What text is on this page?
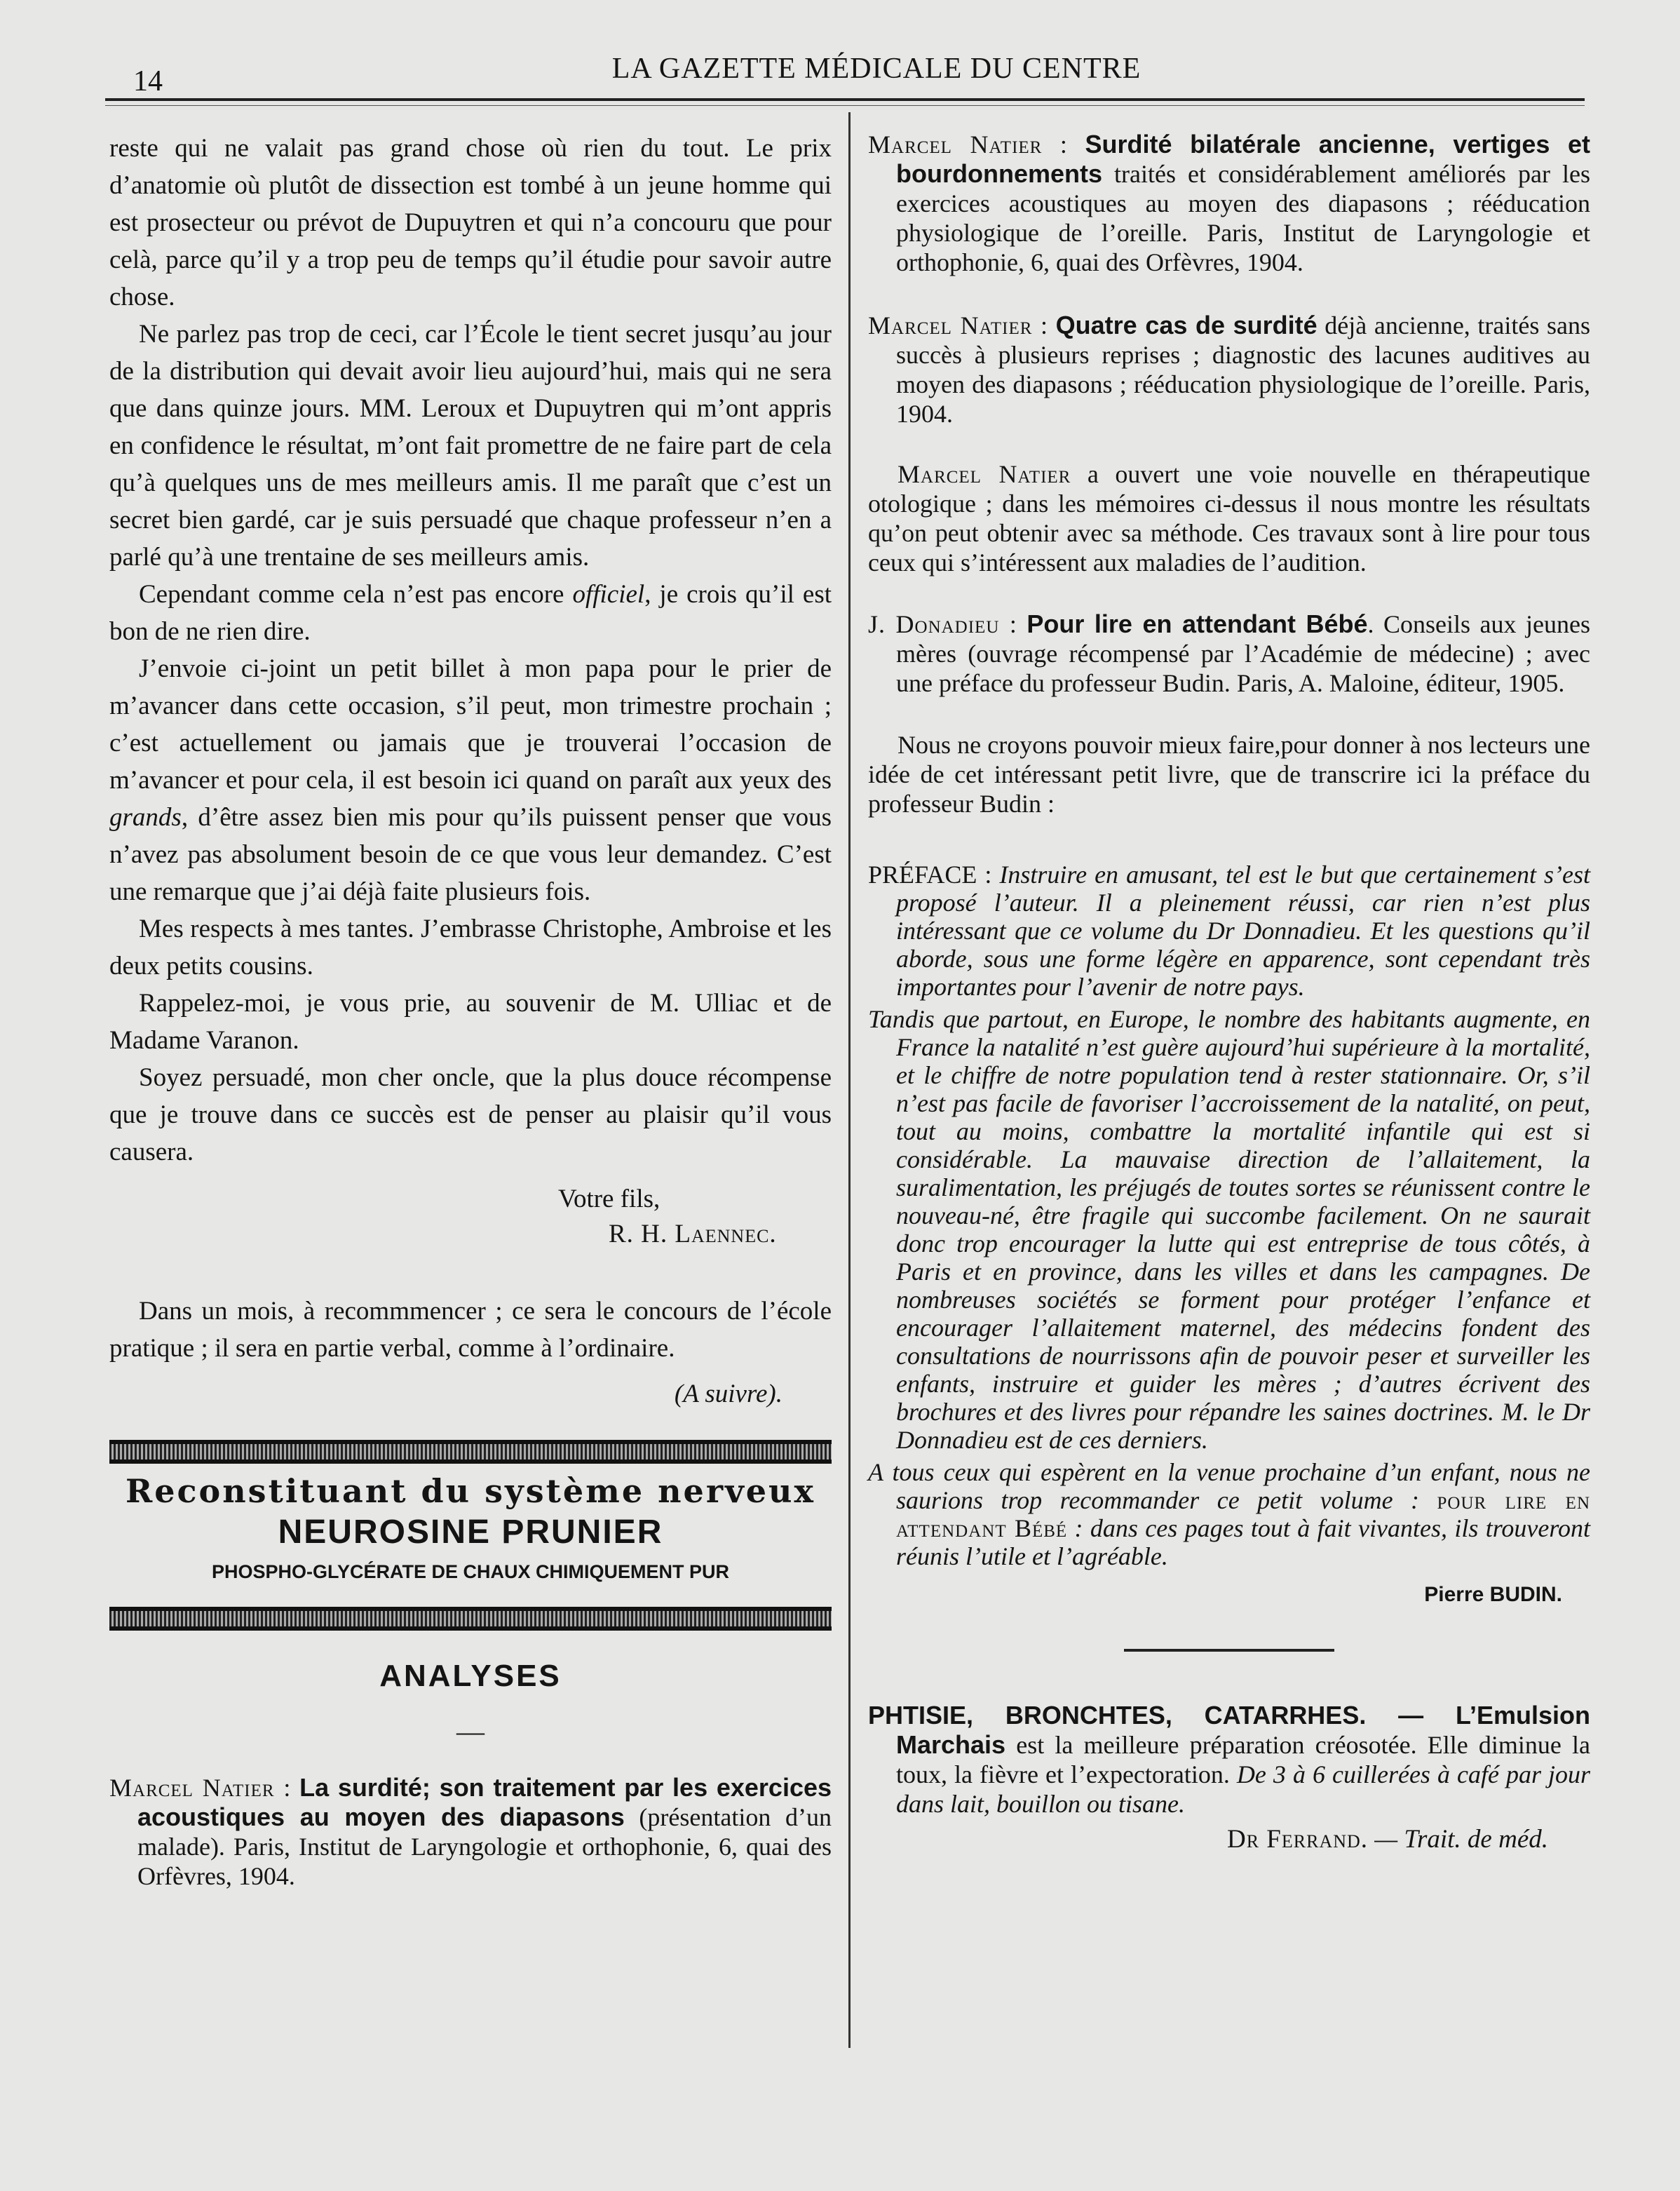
14	LA GAZETTE MÉDICALE DU CENTRE

reste qui ne valait pas grand chose où rien du tout. Le prix d’anatomie où plutôt de dissection est tombé à un jeune homme qui est prosecteur ou prévot de Dupuytren et qui n’a concouru que pour celà, parce qu’il y a trop peu de temps qu’il étudie pour savoir autre chose.

Ne parlez pas trop de ceci, car l’École le tient secret jusqu’au jour de la distribution qui devait avoir lieu aujourd’hui, mais qui ne sera que dans quinze jours. MM. Leroux et Dupuytren qui m’ont appris en confidence le résultat, m’ont fait promettre de ne faire part de cela qu’à quelques uns de mes meilleurs amis. Il me paraît que c’est un secret bien gardé, car je suis persuadé que chaque professeur n’en a parlé qu’à une trentaine de ses meilleurs amis.

Cependant comme cela n’est pas encore officiel, je crois qu’il est bon de ne rien dire.

J’envoie ci-joint un petit billet à mon papa pour le prier de m’avancer dans cette occasion, s’il peut, mon trimestre prochain ; c’est actuellement ou jamais que je trouverai l’occasion de m’avancer et pour cela, il est besoin ici quand on paraît aux yeux des grands, d’être assez bien mis pour qu’ils puissent penser que vous n’avez pas absolument besoin de ce que vous leur demandez. C’est une remarque que j’ai déjà faite plusieurs fois.

Mes respects à mes tantes. J’embrasse Christophe, Ambroise et les deux petits cousins.

Rappelez-moi, je vous prie, au souvenir de M. Ulliac et de Madame Varanon.

Soyez persuadé, mon cher oncle, que la plus douce récompense que je trouve dans ce succès est de penser au plaisir qu’il vous causera.

Votre fils,
R. H. Laennec.

Dans un mois, à recommmencer ; ce sera le concours de l’école pratique ; il sera en partie verbal, comme à l’ordinaire.

(A suivre).
Reconstituant du système nerveux
NEUROSINE PRUNIER
PHOSPHO-GLYCÉRATE DE CHAUX CHIMIQUEMENT PUR
ANALYSES
—

Marcel Natier : La surdité; son traitement par les exercices acoustiques au moyen des diapasons (présentation d’un malade). Paris, Institut de Laryngologie et orthophonie, 6, quai des Orfèvres, 1904.

Marcel Natier : Surdité bilatérale ancienne, vertiges et bourdonnements traités et considérablement améliorés par les exercices acoustiques au moyen des diapasons ; rééducation physiologique de l’oreille. Paris, Institut de Laryngologie et orthophonie, 6, quai des Orfèvres, 1904.

Marcel Natier : Quatre cas de surdité déjà ancienne, traités sans succès à plusieurs reprises ; diagnostic des lacunes auditives au moyen des diapasons ; rééducation physiologique de l’oreille. Paris, 1904.

Marcel Natier a ouvert une voie nouvelle en thérapeutique otologique ; dans les mémoires ci-dessus il nous montre les résultats qu’on peut obtenir avec sa méthode. Ces travaux sont à lire pour tous ceux qui s’intéressent aux maladies de l’audition.

J. Donadieu : Pour lire en attendant Bébé. Conseils aux jeunes mères (ouvrage récompensé par l’Académie de médecine) ; avec une préface du professeur Budin. Paris, A. Maloine, éditeur, 1905.

Nous ne croyons pouvoir mieux faire,pour donner à nos lecteurs une idée de cet intéressant petit livre, que de transcrire ici la préface du professeur Budin :

PRÉFACE : Instruire en amusant, tel est le but que certainement s’est proposé l’auteur. Il a pleinement réussi, car rien n’est plus intéressant que ce volume du Dr Donnadieu. Et les questions qu’il aborde, sous une forme légère en apparence, sont cependant très importantes pour l’avenir de notre pays.

Tandis que partout, en Europe, le nombre des habitants augmente, en France la natalité n’est guère aujourd’hui supérieure à la mortalité, et le chiffre de notre population tend à rester stationnaire. Or, s’il n’est pas facile de favoriser l’accroissement de la natalité, on peut, tout au moins, combattre la mortalité infantile qui est si considérable. La mauvaise direction de l’allaitement, la suralimentation, les préjugés de toutes sortes se réunissent contre le nouveau-né, être fragile qui succombe facilement. On ne saurait donc trop encourager la lutte qui est entreprise de tous côtés, à Paris et en province, dans les villes et dans les campagnes. De nombreuses sociétés se forment pour protéger l’enfance et encourager l’allaitement maternel, des médecins fondent des consultations de nourrissons afin de pouvoir peser et surveiller les enfants, instruire et guider les mères ; d’autres écrivent des brochures et des livres pour répandre les saines doctrines. M. le Dr Donnadieu est de ces derniers.

A tous ceux qui espèrent en la venue prochaine d’un enfant, nous ne saurions trop recommander ce petit volume : pour lire en attendant Bébé : dans ces pages tout à fait vivantes, ils trouveront réunis l’utile et l’agréable.

Pierre BUDIN.

PHTISIE, BRONCHTES, CATARRHES. — L’Emulsion Marchais est la meilleure préparation créosotée. Elle diminue la toux, la fièvre et l’expectoration. De 3 à 6 cuillerées à café par jour dans lait, bouillon ou tisane.

Dr Ferrand. — Trait. de méd.
